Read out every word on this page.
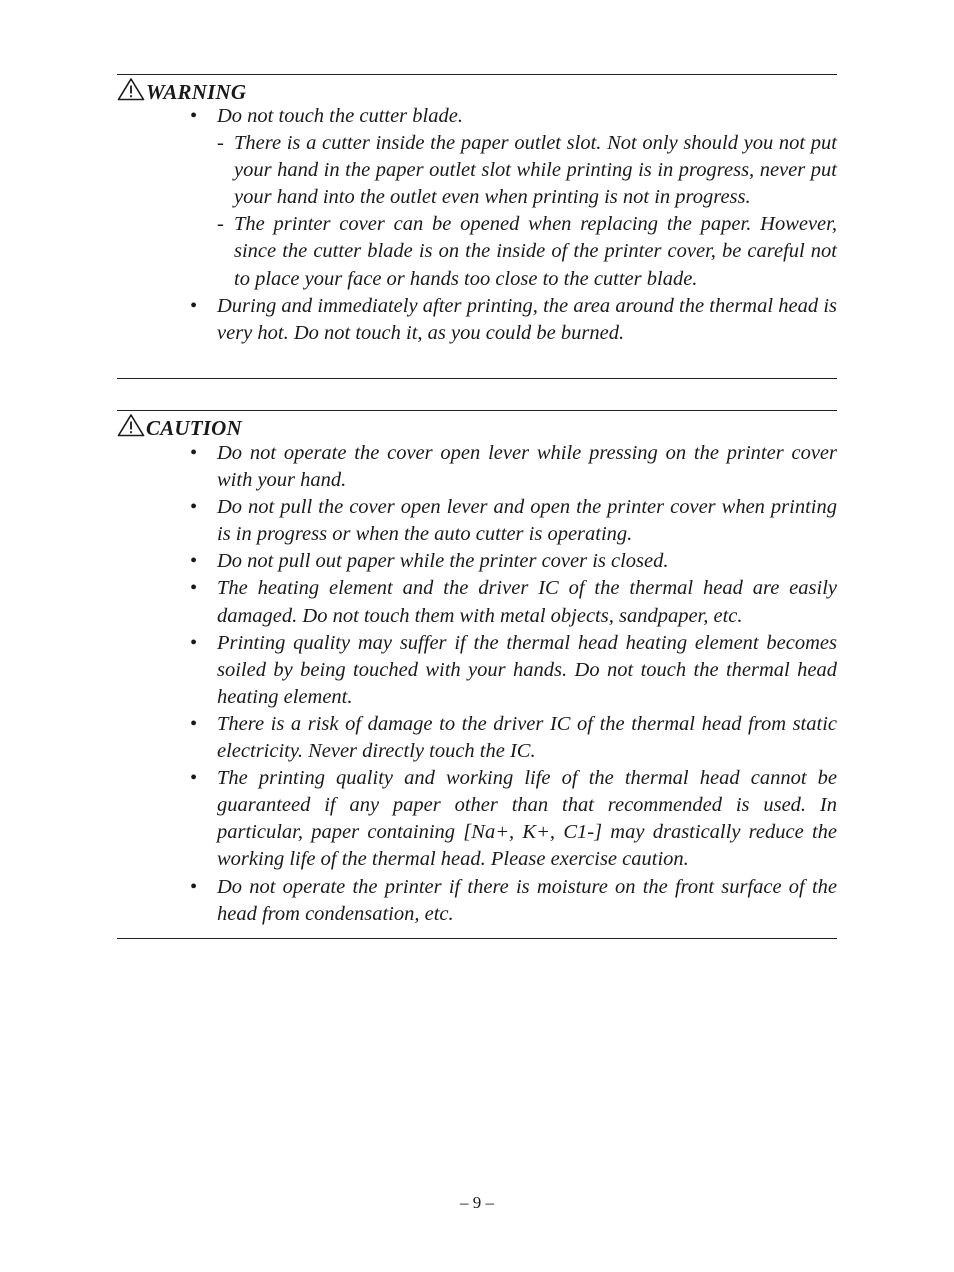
WARNING
• Do not touch the cutter blade.
- There is a cutter inside the paper outlet slot. Not only should you not put your hand in the paper outlet slot while printing is in progress, never put your hand into the outlet even when printing is not in progress.
- The printer cover can be opened when replacing the paper. However, since the cutter blade is on the inside of the printer cover, be careful not to place your face or hands too close to the cutter blade.
• During and immediately after printing, the area around the thermal head is very hot. Do not touch it, as you could be burned.
CAUTION
• Do not operate the cover open lever while pressing on the printer cover with your hand.
• Do not pull the cover open lever and open the printer cover when printing is in progress or when the auto cutter is operating.
• Do not pull out paper while the printer cover is closed.
• The heating element and the driver IC of the thermal head are easily damaged. Do not touch them with metal objects, sandpaper, etc.
• Printing quality may suffer if the thermal head heating element becomes soiled by being touched with your hands. Do not touch the thermal head heating element.
• There is a risk of damage to the driver IC of the thermal head from static electricity. Never directly touch the IC.
• The printing quality and working life of the thermal head cannot be guaranteed if any paper other than that recommended is used. In particular, paper containing [Na+, K+, C1-] may drastically reduce the working life of the thermal head. Please exercise caution.
• Do not operate the printer if there is moisture on the front surface of the head from condensation, etc.
– 9 –
